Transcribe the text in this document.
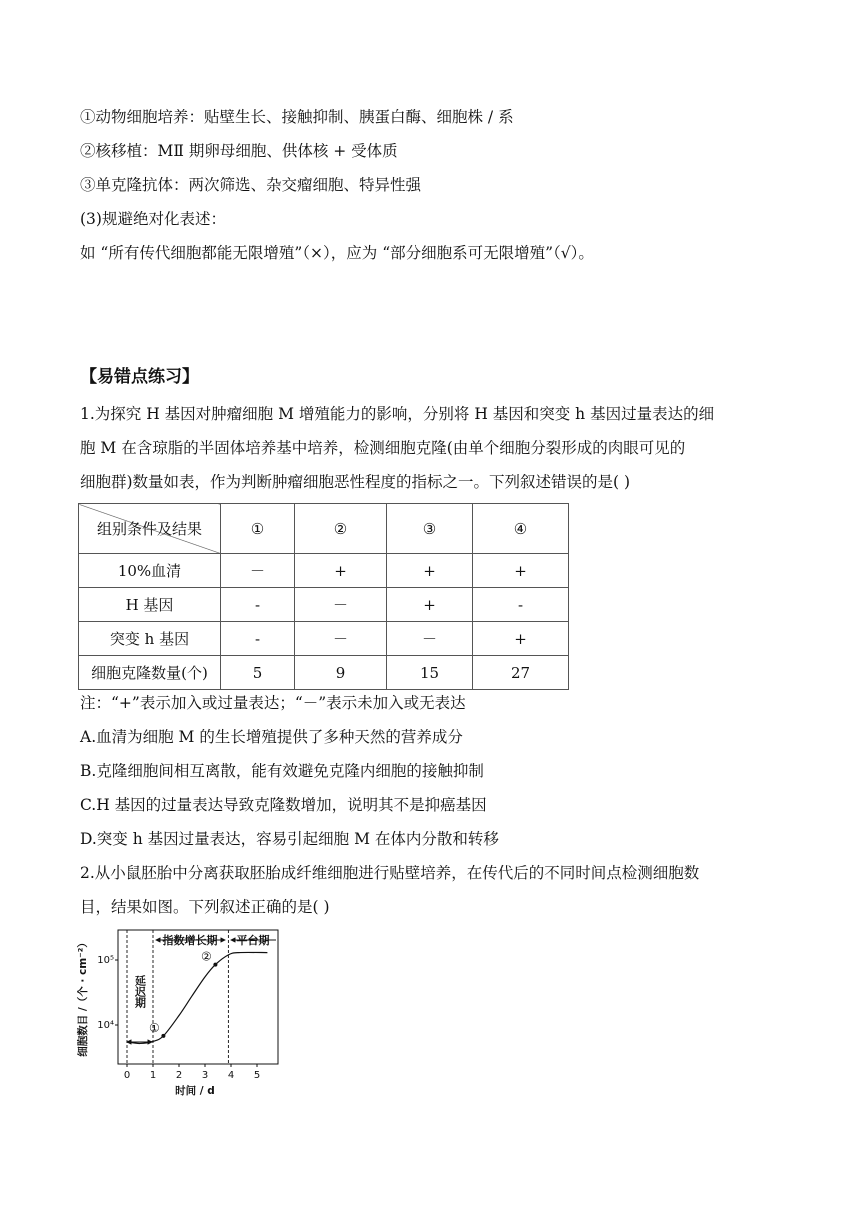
①动物细胞培养：贴壁生长、接触抑制、胰蛋白酶、细胞株 / 系
②核移植：MⅡ 期卵母细胞、供体核 + 受体质
③单克隆抗体：两次筛选、杂交瘤细胞、特异性强
(3)规避绝对化表述：
如 “所有传代细胞都能无限增殖”（×），应为 “部分细胞系可无限增殖”（√）。
【易错点练习】
1.为探究 H 基因对肿瘤细胞 M 增殖能力的影响，分别将 H 基因和突变 h 基因过量表达的细
胞 M 在含琼脂的半固体培养基中培养，检测细胞克隆(由单个细胞分裂形成的肉眼可见的
细胞群)数量如表，作为判断肿瘤细胞恶性程度的指标之一。下列叙述错误的是( )
组别条件及结果	①	②	③	④
10%血清	－	+	+	+
H 基因	-	－	+	-
突变 h 基因	-	－	－	+
细胞克隆数量(个)	5	9	15	27
注：“+”表示加入或过量表达；“－”表示未加入或无表达
A.血清为细胞 M 的生长增殖提供了多种天然的营养成分
B.克隆细胞间相互离散，能有效避免克隆内细胞的接触抑制
C.H 基因的过量表达导致克隆数增加，说明其不是抑癌基因
D.突变 h 基因过量表达，容易引起细胞 M 在体内分散和转移
2.从小鼠胚胎中分离获取胚胎成纤维细胞进行贴壁培养，在传代后的不同时间点检测细胞数
目，结果如图。下列叙述正确的是( )
指数增长期 平台期
延迟期
①
②
10⁴
10⁵
0 1 2 3 4 5
时间 / d
细胞数目 /（个 · cm⁻²）
